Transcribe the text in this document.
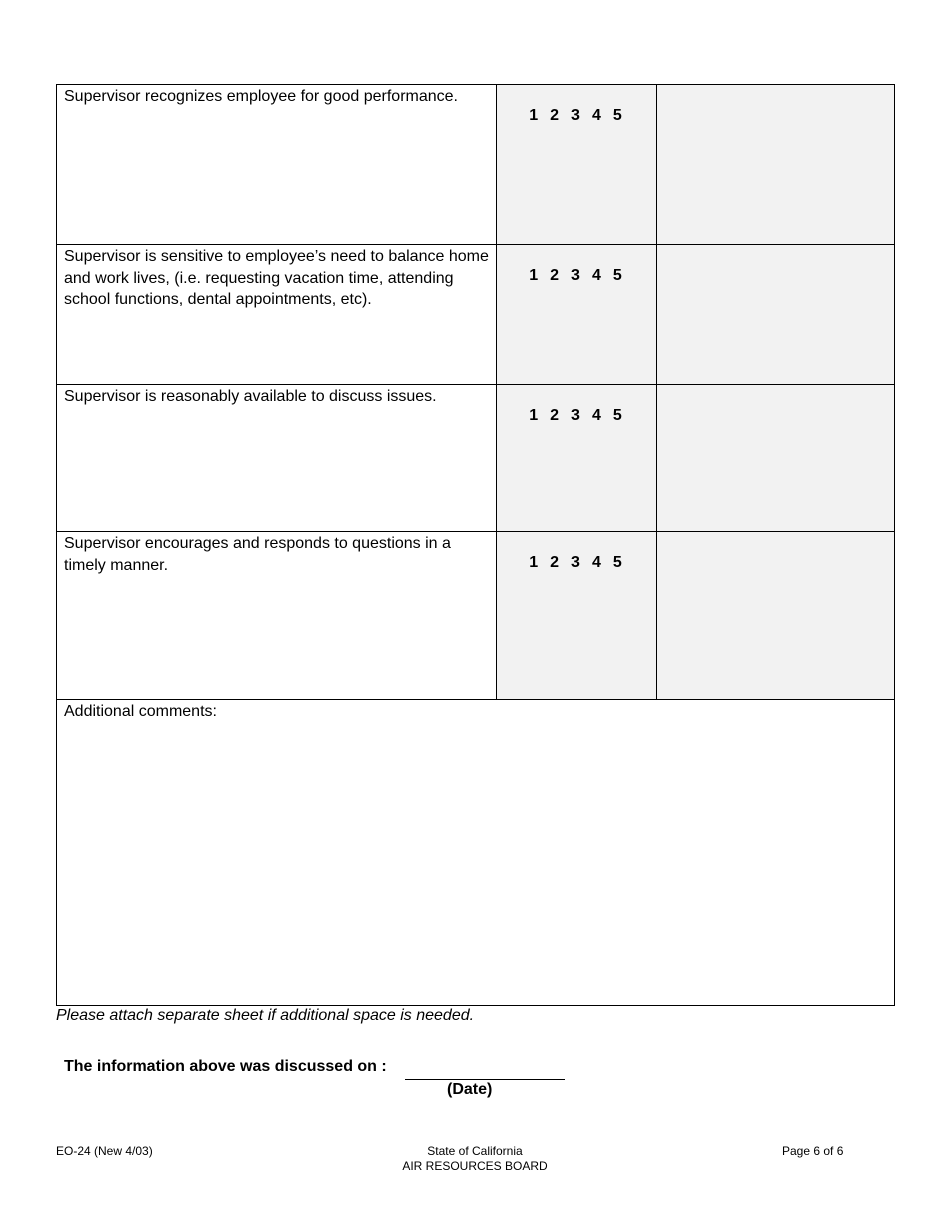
Supervisor recognizes employee for good performance.	1 2 3 4 5	

Supervisor is sensitive to employee’s need to balance home and work lives, (i.e. requesting vacation time, attending school functions, dental appointments, etc).	1 2 3 4 5	

Supervisor is reasonably available to discuss issues.	1 2 3 4 5	

Supervisor encourages and responds to questions in a timely manner.	1 2 3 4 5	

Additional comments:		
Please attach separate sheet if additional space is needed.
The information above was discussed on :
(Date)
EO-24 (New 4/03)	State of California
AIR RESOURCES BOARD
Page 6 of 6
